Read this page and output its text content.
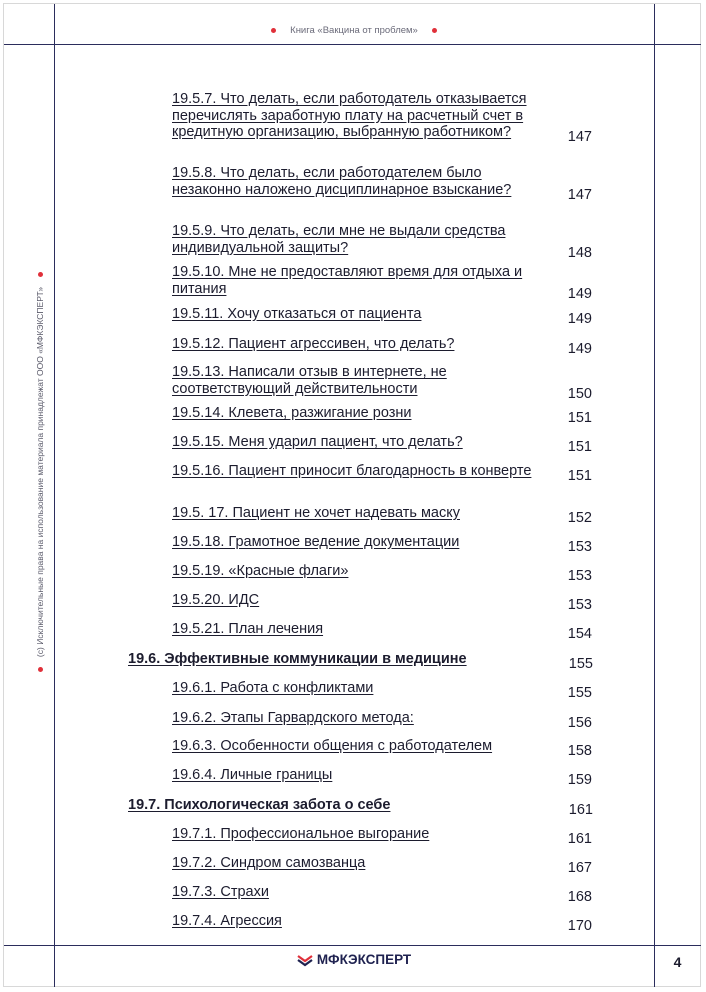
Книга «Вакцина от проблем»
(c) Исключительные права на использование материала принадлежат ООО «МФКЭКСПЕРТ»
19.5.7. Что делать, если работодатель отказывается перечислять заработную плату на расчетный счет в кредитную организацию, выбранную работником?	147
19.5.8. Что делать, если работодателем было незаконно наложено дисциплинарное взыскание?	147
19.5.9. Что делать, если мне не выдали средства индивидуальной защиты?	148
19.5.10. Мне не предоставляют время для отдыха и питания	149
19.5.11. Хочу отказаться от пациента	149
19.5.12. Пациент агрессивен, что делать?	149
19.5.13. Написали отзыв в интернете, не соответствующий действительности	150
19.5.14. Клевета, разжигание розни	151
19.5.15. Меня ударил пациент, что делать?	151
19.5.16. Пациент приносит благодарность в конверте	151
19.5. 17. Пациент не хочет надевать маску	152
19.5.18. Грамотное ведение документации	153
19.5.19. «Красные флаги»	153
19.5.20. ИДС	153
19.5.21. План лечения	154
19.6. Эффективные коммуникации в медицине	155
19.6.1. Работа с конфликтами	155
19.6.2. Этапы Гарвардского метода:	156
19.6.3. Особенности общения с работодателем	158
19.6.4. Личные границы	159
19.7. Психологическая забота о себе	161
19.7.1. Профессиональное выгорание	161
19.7.2. Синдром самозванца	167
19.7.3. Страхи	168
19.7.4. Агрессия	170
МФКЭКСПЕРТ	4
